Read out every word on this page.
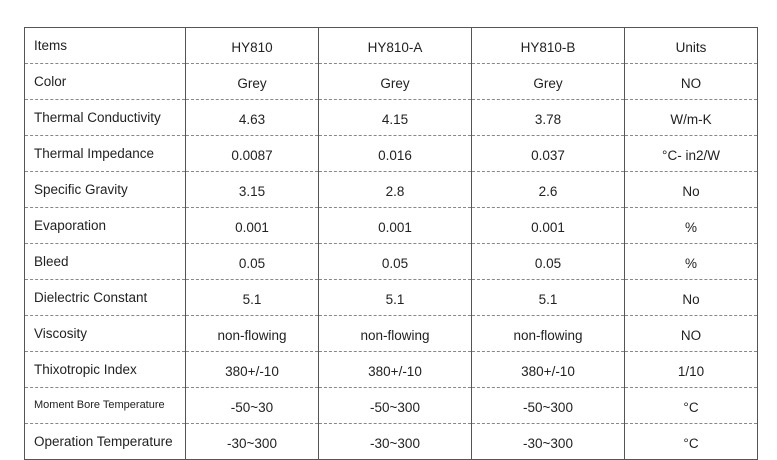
Items	HY810	HY810-A	HY810-B	Units
Color	Grey	Grey	Grey	NO
Thermal Conductivity	4.63	4.15	3.78	W/m-K
Thermal Impedance	0.0087	0.016	0.037	°C- in2/W
Specific Gravity	3.15	2.8	2.6	No
Evaporation	0.001	0.001	0.001	%
Bleed	0.05	0.05	0.05	%
Dielectric Constant	5.1	5.1	5.1	No
Viscosity	non-flowing	non-flowing	non-flowing	NO
Thixotropic Index	380+/-10	380+/-10	380+/-10	1/10
Moment Bore Temperature	-50~30	-50~300	-50~300	°C
Operation Temperature	-30~300	-30~300	-30~300	°C
